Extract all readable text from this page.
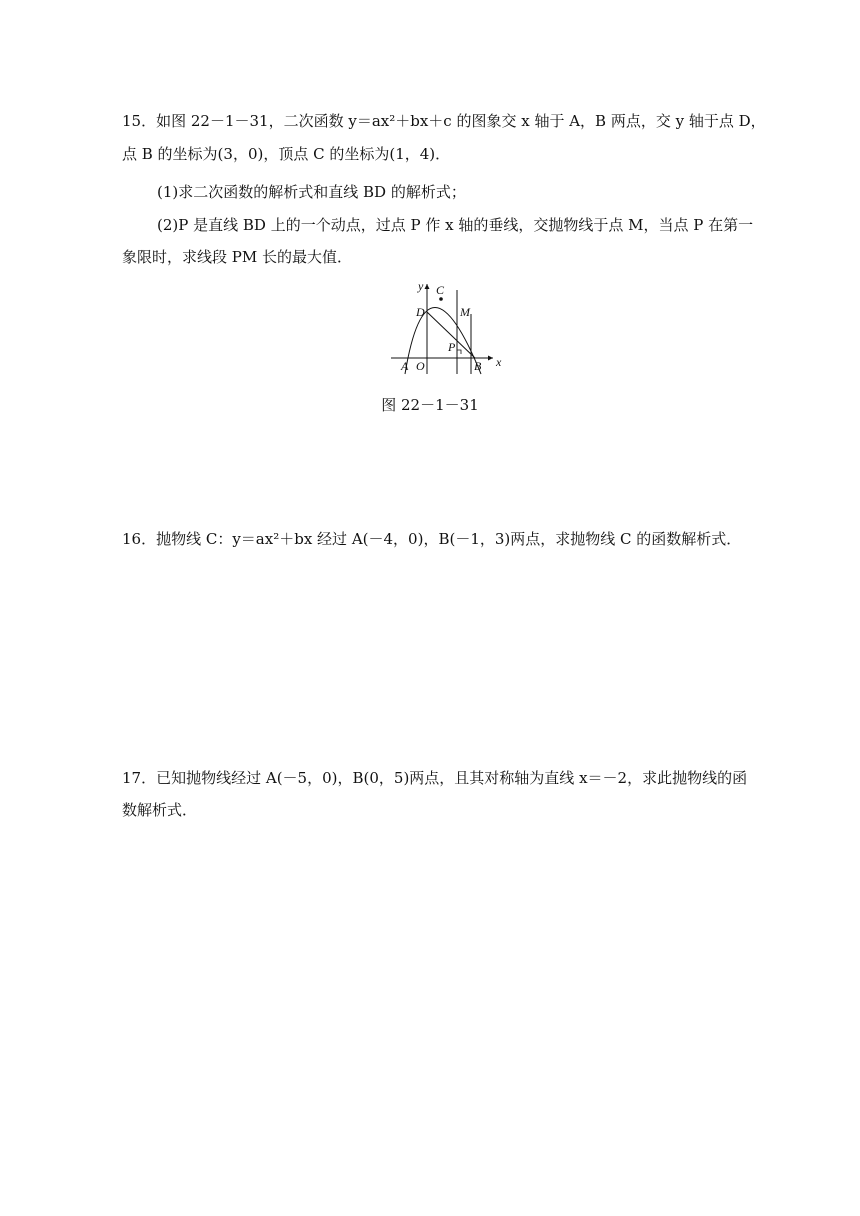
15．如图 22－1－31，二次函数 y＝ax²＋bx＋c 的图象交 x 轴于 A，B 两点，交 y 轴于点 D，
点 B 的坐标为(3，0)，顶点 C 的坐标为(1，4)．
(1)求二次函数的解析式和直线 BD 的解析式；
(2)P 是直线 BD 上的一个动点，过点 P 作 x 轴的垂线，交抛物线于点 M，当点 P 在第一
象限时，求线段 PM 长的最大值．
y
x
C
D	M
P
A O	B
图 22－1－31
16．抛物线 C：y＝ax²＋bx 经过 A(－4，0)，B(－1，3)两点，求抛物线 C 的函数解析式．
17．已知抛物线经过 A(－5，0)，B(0，5)两点，且其对称轴为直线 x＝－2，求此抛物线的函
数解析式．
